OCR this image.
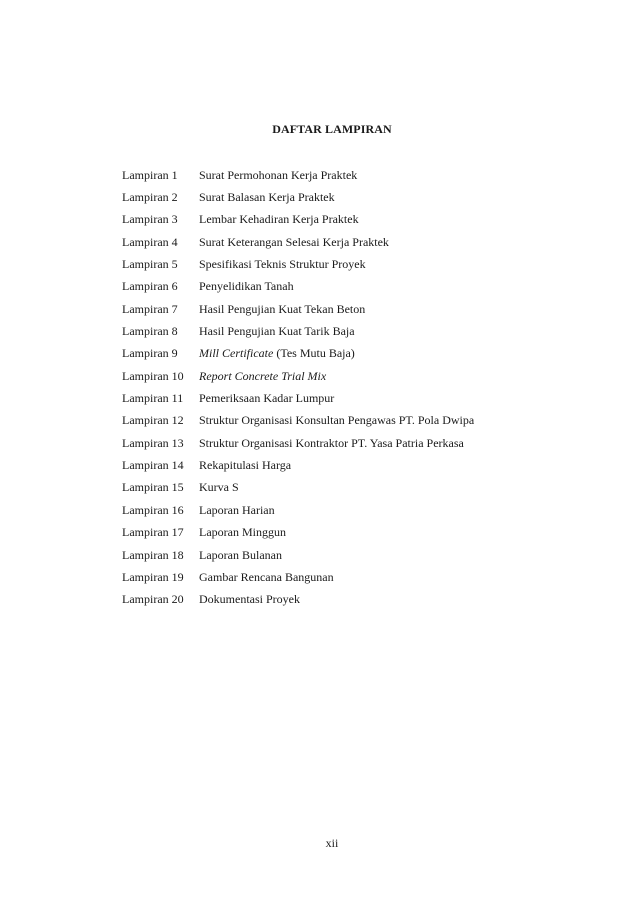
DAFTAR LAMPIRAN
Lampiran 1	Surat Permohonan Kerja Praktek
Lampiran 2	Surat Balasan Kerja Praktek
Lampiran 3	Lembar Kehadiran Kerja Praktek
Lampiran 4	Surat Keterangan Selesai Kerja Praktek
Lampiran 5	Spesifikasi Teknis Struktur Proyek
Lampiran 6	Penyelidikan Tanah
Lampiran 7	Hasil Pengujian Kuat Tekan Beton
Lampiran 8	Hasil Pengujian Kuat Tarik Baja
Lampiran 9	Mill Certificate (Tes Mutu Baja)
Lampiran 10	Report Concrete Trial Mix
Lampiran 11	Pemeriksaan Kadar Lumpur
Lampiran 12	Struktur Organisasi Konsultan Pengawas PT. Pola Dwipa
Lampiran 13	Struktur Organisasi Kontraktor PT. Yasa Patria Perkasa
Lampiran 14	Rekapitulasi Harga
Lampiran 15	Kurva S
Lampiran 16	Laporan Harian
Lampiran 17	Laporan Minggun
Lampiran 18	Laporan Bulanan
Lampiran 19	Gambar Rencana Bangunan
Lampiran 20	Dokumentasi Proyek
xii
